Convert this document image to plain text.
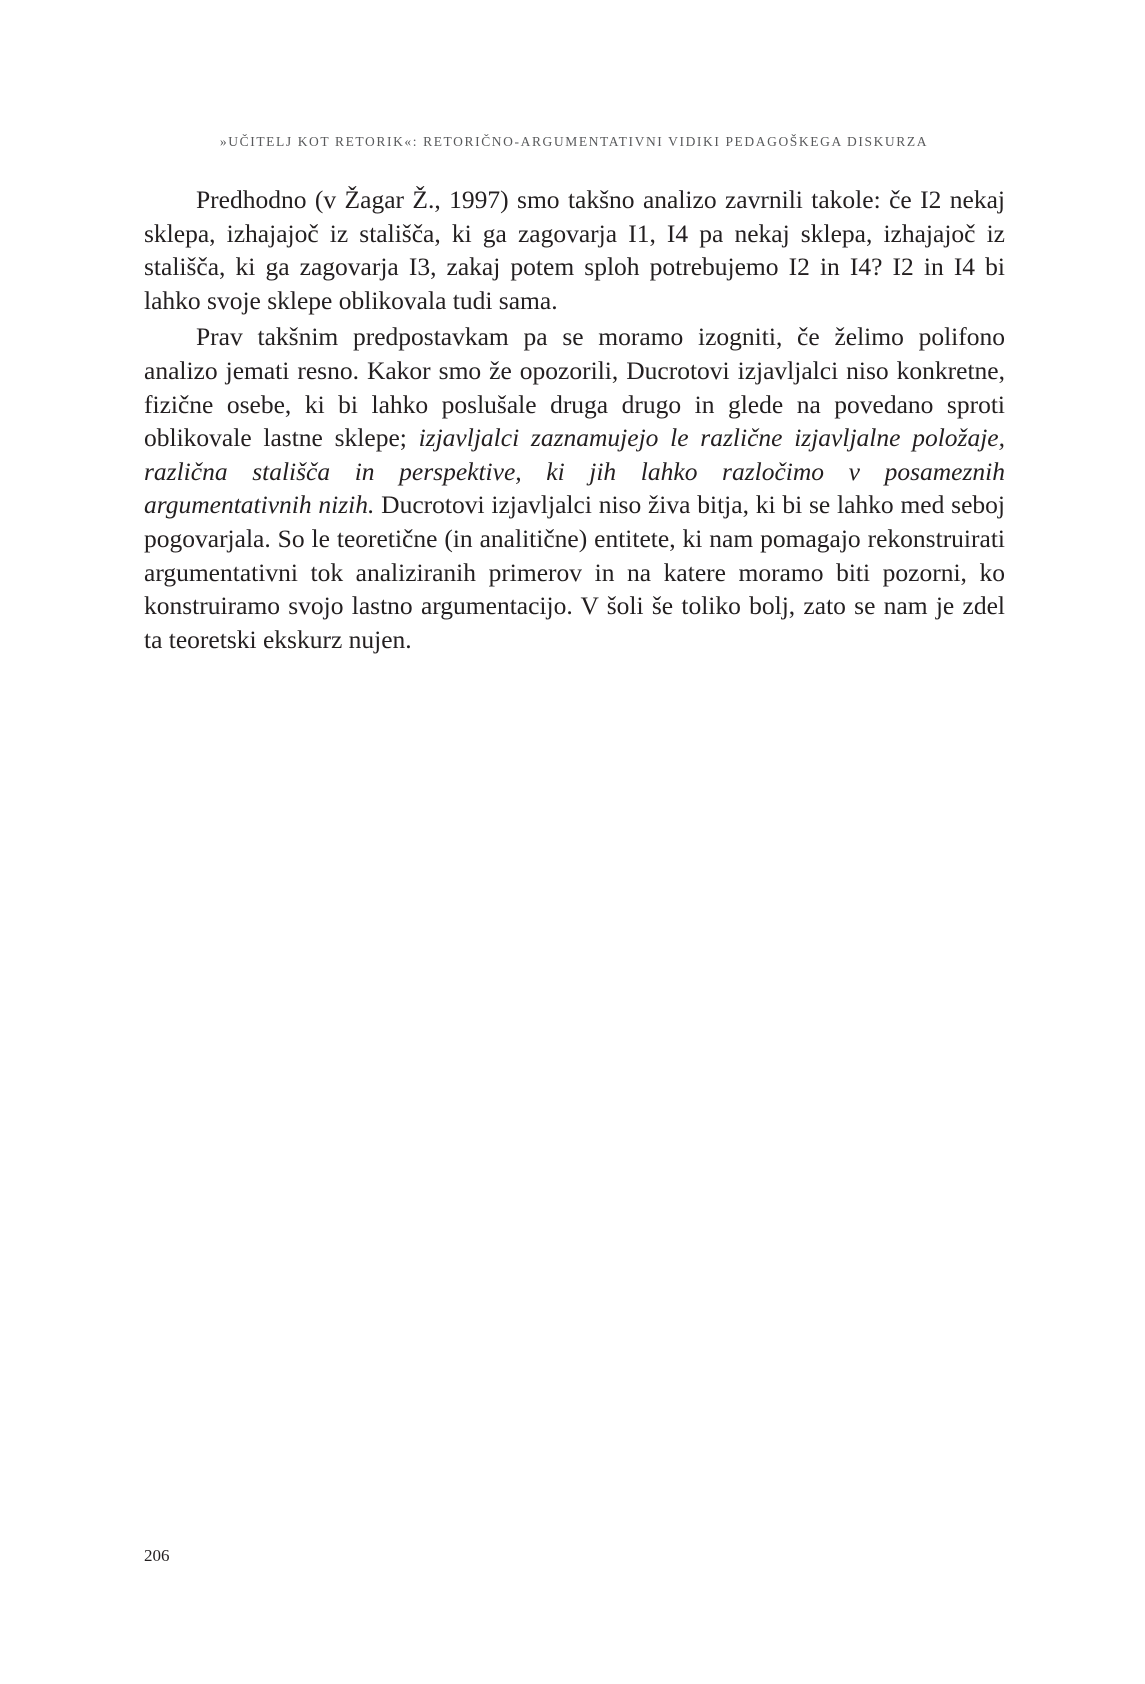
»UČITELJ KOT RETORIK«: RETORIČNO-ARGUMENTATIVNI VIDIKI PEDAGOŠKEGA DISKURZA

Predhodno (v Žagar Ž., 1997) smo takšno analizo zavrnili takole: če I2 nekaj sklepa, izhajajoč iz stališča, ki ga zagovarja I1, I4 pa nekaj sklepa, izhajajoč iz stališča, ki ga zagovarja I3, zakaj potem sploh potrebujemo I2 in I4? I2 in I4 bi lahko svoje sklepe oblikovala tudi sama.

Prav takšnim predpostavkam pa se moramo izogniti, če želimo polifono analizo jemati resno. Kakor smo že opozorili, Ducrotovi izjavljalci niso konkretne, fizične osebe, ki bi lahko poslušale druga drugo in glede na povedano sproti oblikovale lastne sklepe; izjavljalci zaznamujejo le različne izjavljalne položaje, različna stališča in perspektive, ki jih lahko razločimo v posameznih argumentativnih nizih. Ducrotovi izjavljalci niso živa bitja, ki bi se lahko med seboj pogovarjala. So le teoretične (in analitične) entitete, ki nam pomagajo rekonstruirati argumentativni tok analiziranih primerov in na katere moramo biti pozorni, ko konstruiramo svojo lastno argumentacijo. V šoli še toliko bolj, zato se nam je zdel ta teoretski ekskurz nujen.

206
